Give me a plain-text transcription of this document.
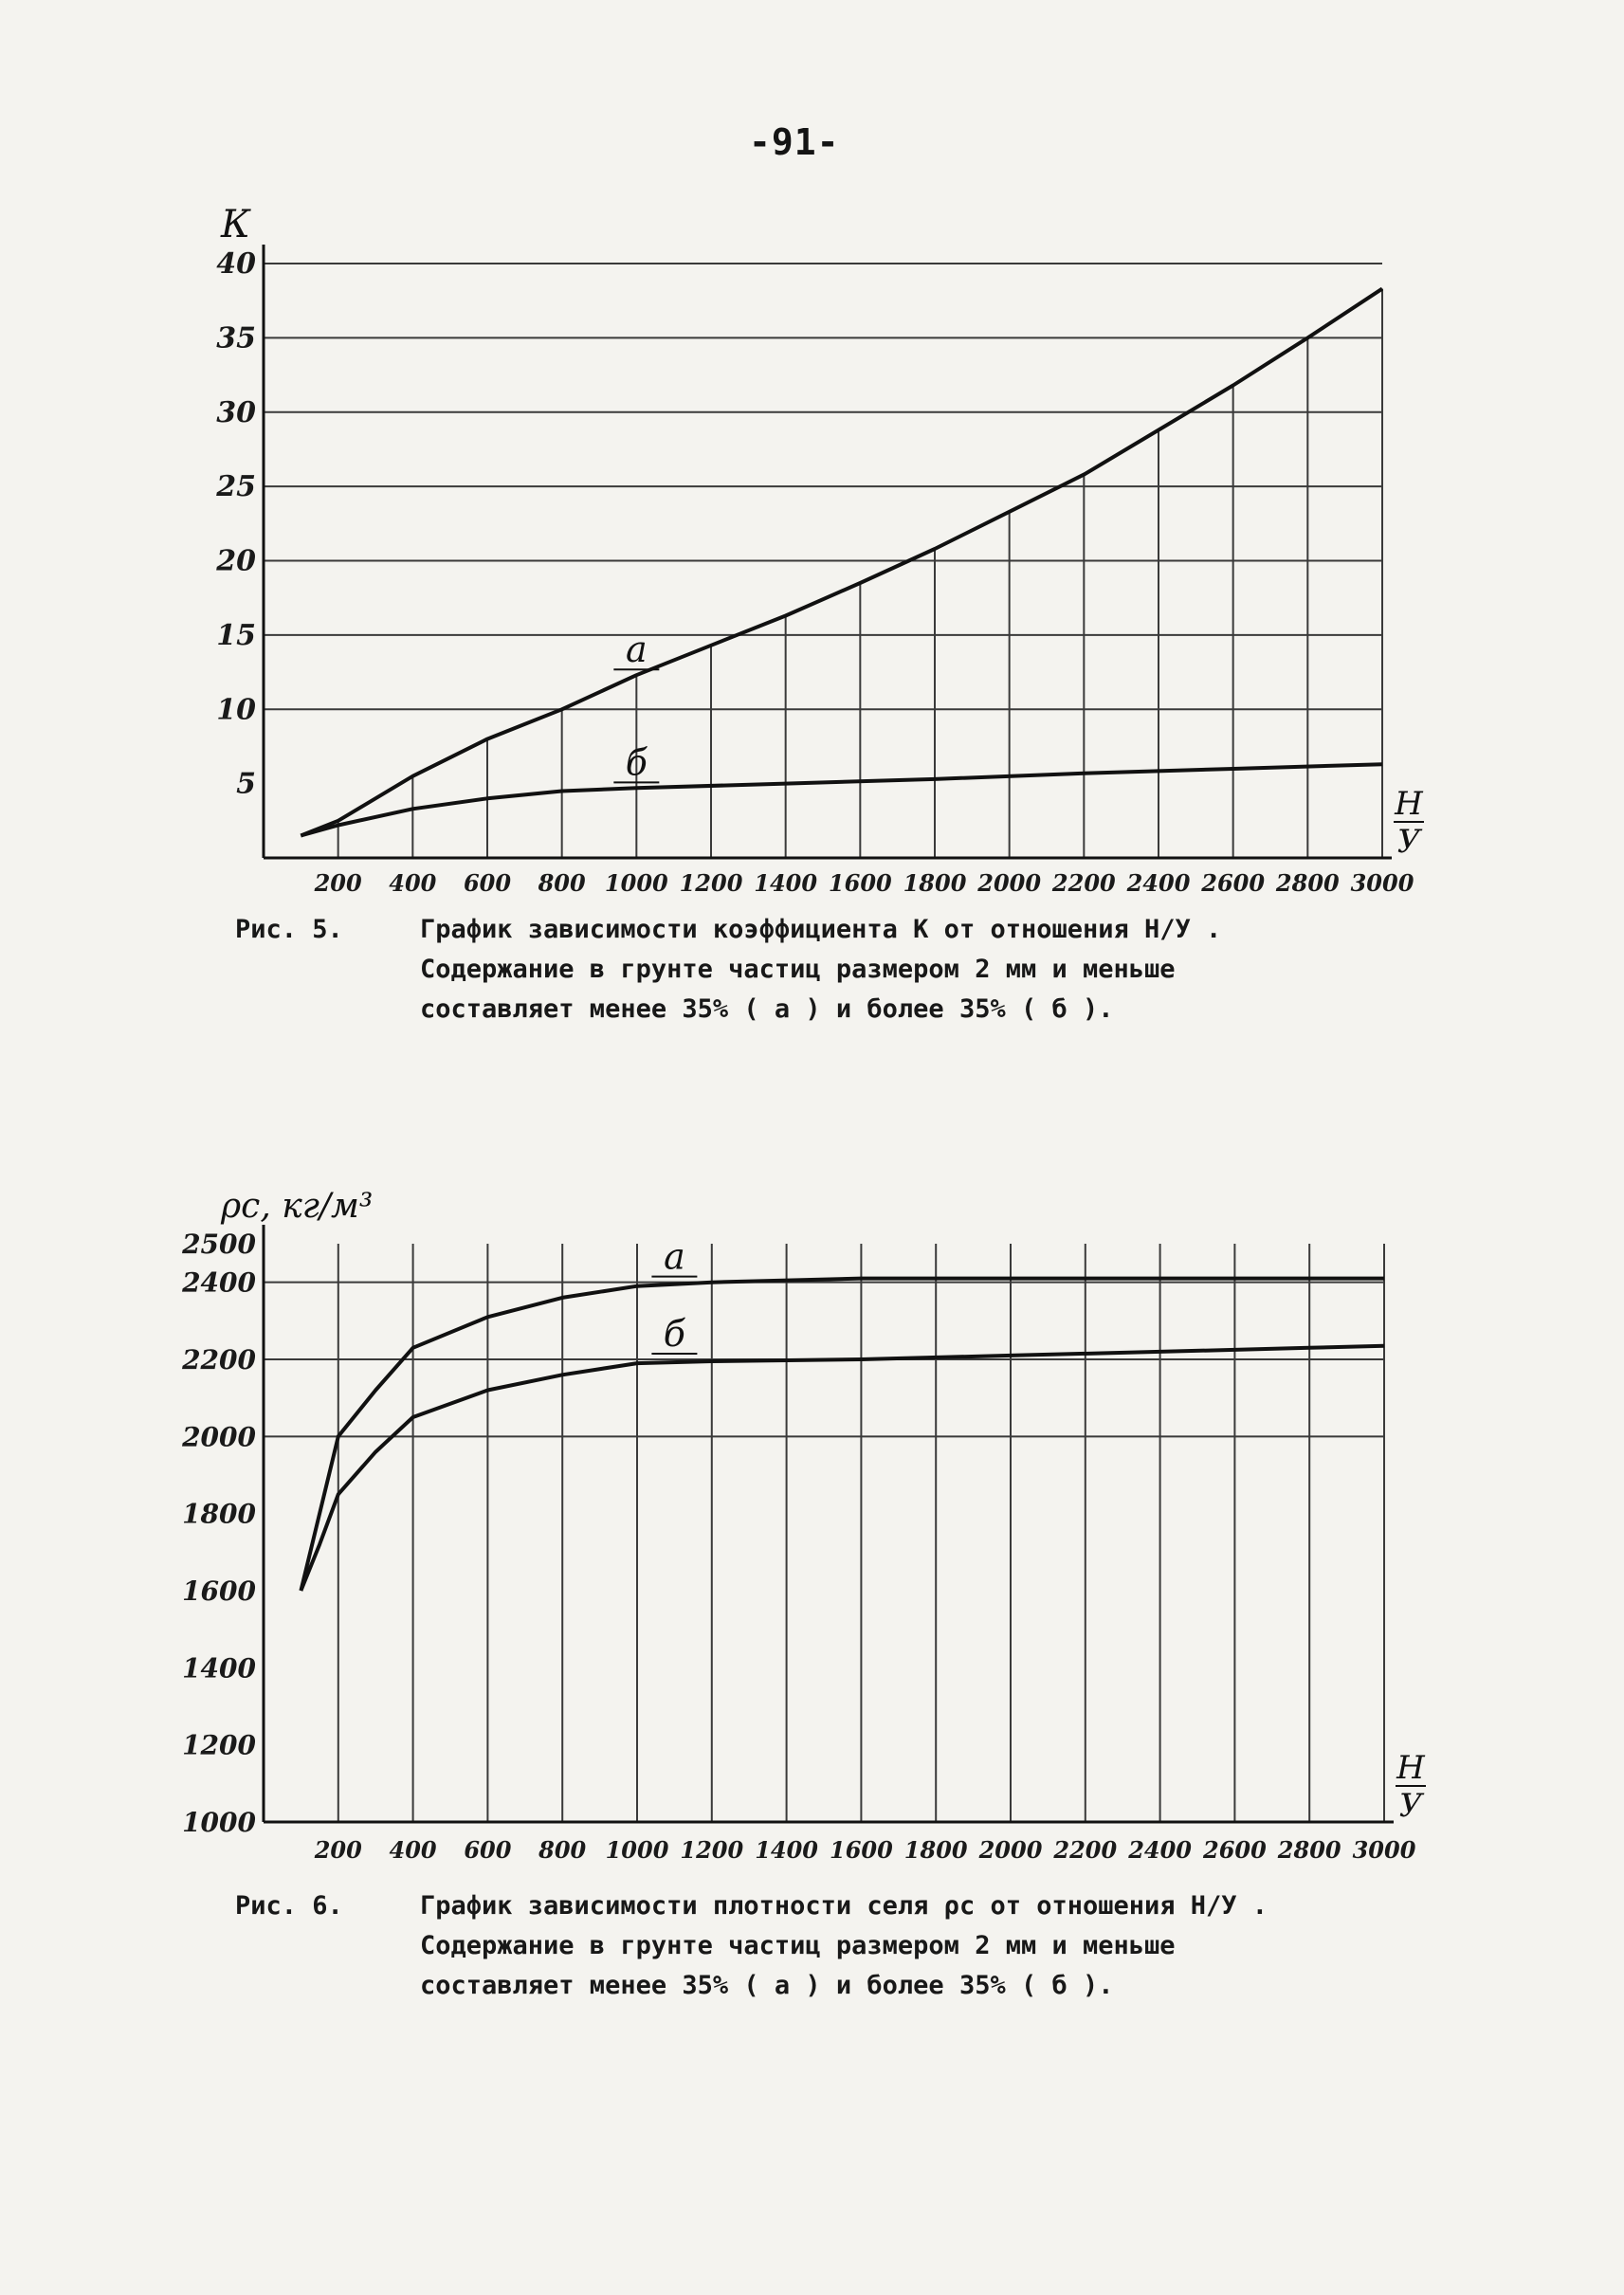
-91-
5
10
15
20
25
30
35
40
200 400 600 800 1000 1200 1400 1600 1800 2000 2200 2400 2600 2800 3000
а
б
К
Н
У
Рис. 5.	График зависимости коэффициента К от отношения Н/У .
Содержание в грунте частиц размером 2 мм и меньше
составляет менее 35% ( а ) и более 35% ( б ).
1000
1200
1400
1600
1800
2000
2200
2400
2500
200 400 600 800 1000 1200 1400 1600 1800 2000 2200 2400 2600 2800 3000
а
б
ρс, кг/м³
Н
У
Рис. 6.	График зависимости плотности селя ρс от отношения Н/У .
Содержание в грунте частиц размером 2 мм и меньше
составляет менее 35% ( а ) и более 35% ( б ).
